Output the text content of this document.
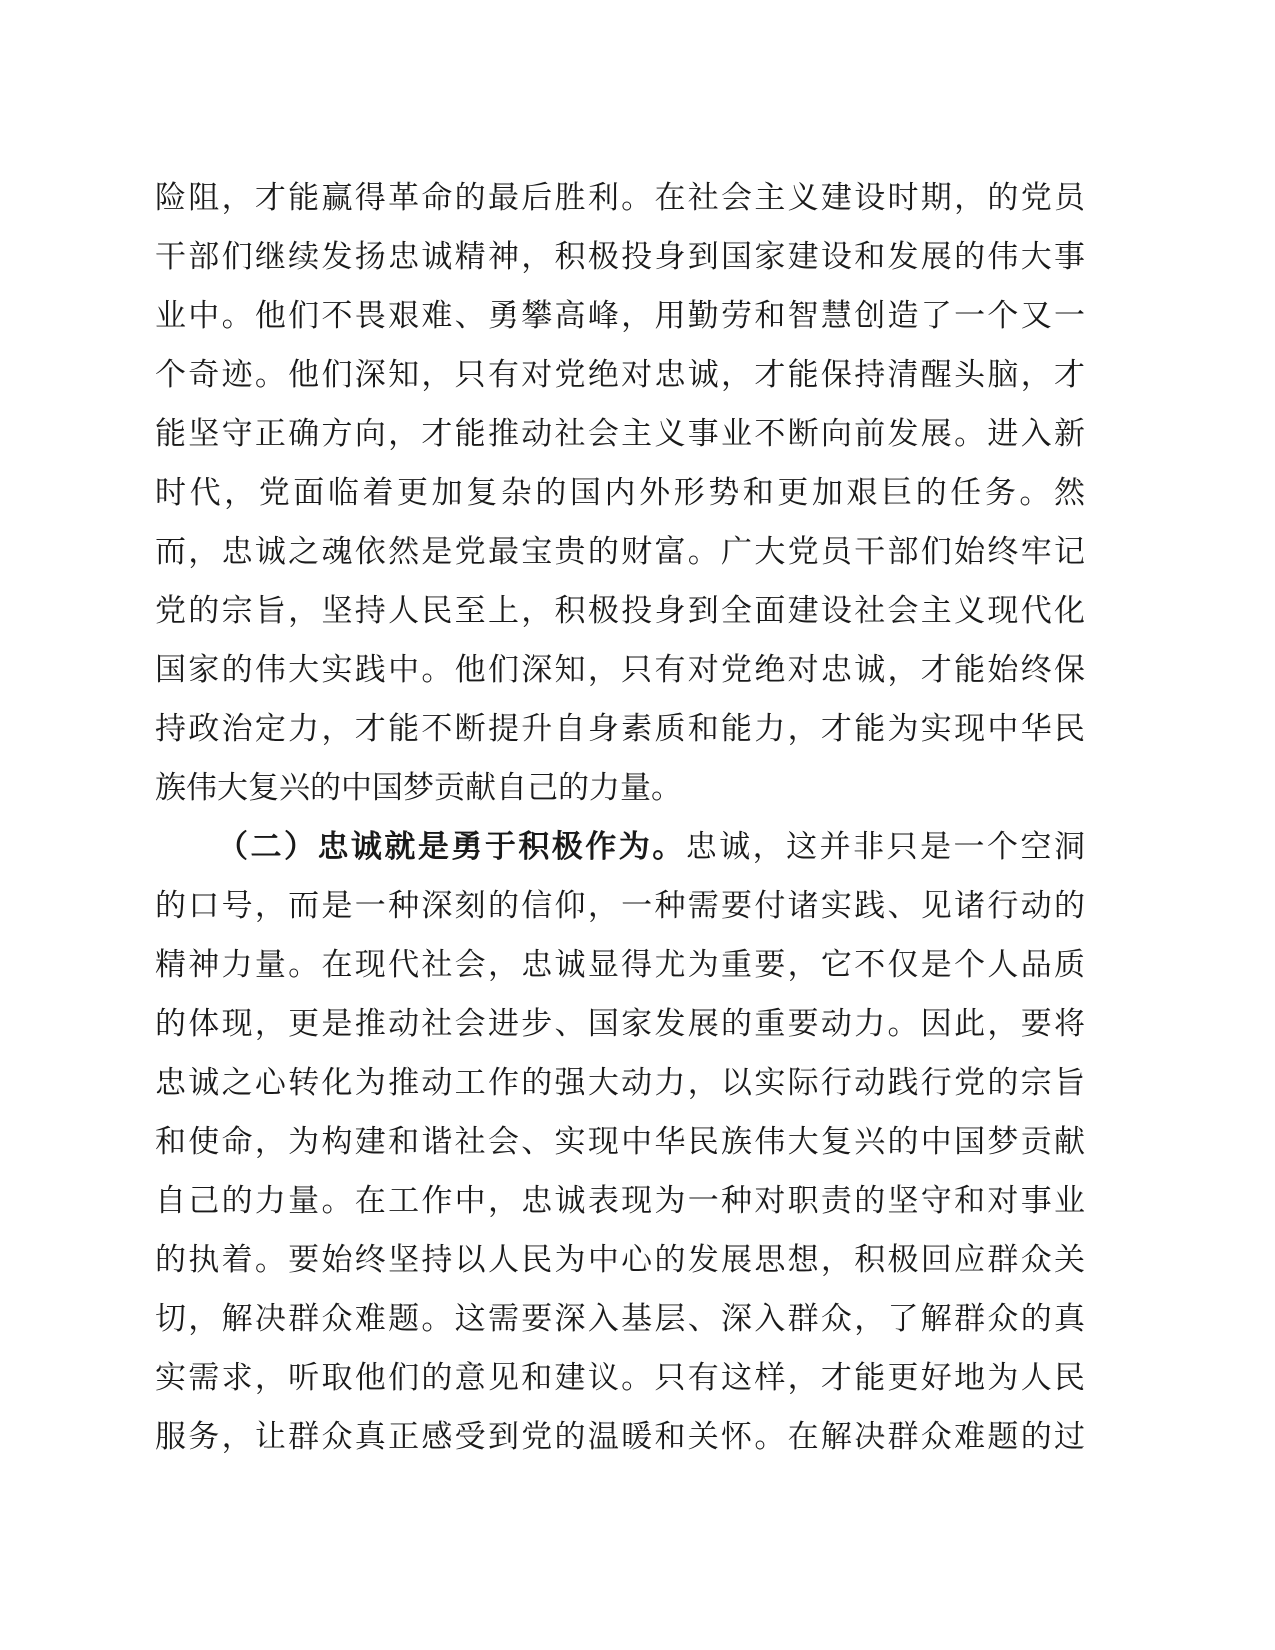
险阻，才能赢得革命的最后胜利。在社会主义建设时期，的党员
干部们继续发扬忠诚精神，积极投身到国家建设和发展的伟大事
业中。他们不畏艰难、勇攀高峰，用勤劳和智慧创造了一个又一
个奇迹。他们深知，只有对党绝对忠诚，才能保持清醒头脑，才
能坚守正确方向，才能推动社会主义事业不断向前发展。进入新
时代，党面临着更加复杂的国内外形势和更加艰巨的任务。然
而，忠诚之魂依然是党最宝贵的财富。广大党员干部们始终牢记
党的宗旨，坚持人民至上，积极投身到全面建设社会主义现代化
国家的伟大实践中。他们深知，只有对党绝对忠诚，才能始终保
持政治定力，才能不断提升自身素质和能力，才能为实现中华民
族伟大复兴的中国梦贡献自己的力量。
（二）忠诚就是勇于积极作为。忠诚，这并非只是一个空洞
的口号，而是一种深刻的信仰，一种需要付诸实践、见诸行动的
精神力量。在现代社会，忠诚显得尤为重要，它不仅是个人品质
的体现，更是推动社会进步、国家发展的重要动力。因此，要将
忠诚之心转化为推动工作的强大动力，以实际行动践行党的宗旨
和使命，为构建和谐社会、实现中华民族伟大复兴的中国梦贡献
自己的力量。在工作中，忠诚表现为一种对职责的坚守和对事业
的执着。要始终坚持以人民为中心的发展思想，积极回应群众关
切，解决群众难题。这需要深入基层、深入群众，了解群众的真
实需求，听取他们的意见和建议。只有这样，才能更好地为人民
服务，让群众真正感受到党的温暖和关怀。在解决群众难题的过
